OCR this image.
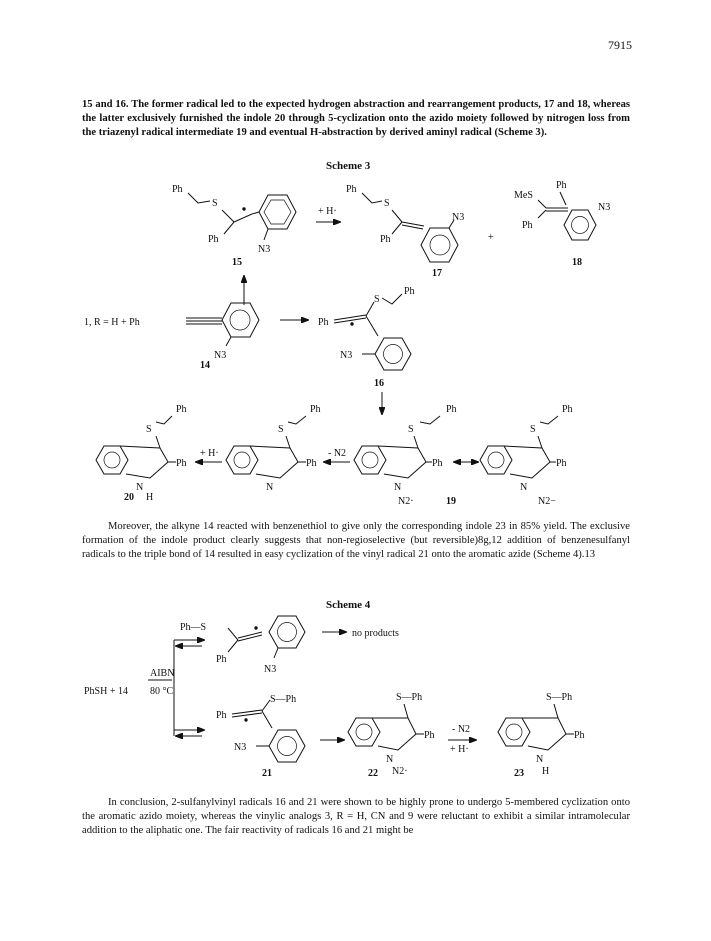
7915

15 and 16. The former radical led to the expected hydrogen abstraction and rearrangement products, 17 and 18, whereas the latter exclusively furnished the indole 20 through 5-cyclization onto the azido moiety followed by nitrogen loss from the triazenyl radical intermediate 19 and eventual H-abstraction by derived aminyl radical (Scheme 3).

Scheme 3
Ph
S
Ph
N3
15
+ H·
Ph
S
Ph
N3
17
+
MeS
Ph
Ph
N3
18
1, R = H + Ph
N3
14
Ph
S
Ph
N3
16
Ph
S
Ph
N
H
20
+ H·
Ph
S
Ph
N
- N2
Ph
S
Ph
N
N2·	19
Ph
S
Ph
N
N2−

Moreover, the alkyne 14 reacted with benzenethiol to give only the corresponding indole 23 in 85% yield. The exclusive formation of the indole product clearly suggests that non-regioselective (but reversible)8g,12 addition of benzenesulfanyl radicals to the triple bond of 14 resulted in easy cyclization of the vinyl radical 21 onto the aromatic azide (Scheme 4).13

Scheme 4
PhSH + 14
AIBN
80 °C
Ph—S
Ph
N3
no products
Ph
S—Ph
N3
21
S—Ph
Ph
N
N2·
22
- N2
+ H·
S—Ph
Ph
N
H
23

In conclusion, 2-sulfanylvinyl radicals 16 and 21 were shown to be highly prone to undergo 5-membered cyclization onto the aromatic azido moiety, whereas the vinylic analogs 3, R = H, CN and 9 were reluctant to exhibit a similar intramolecular addition to the aliphatic one. The fair reactivity of radicals 16 and 21 might be
